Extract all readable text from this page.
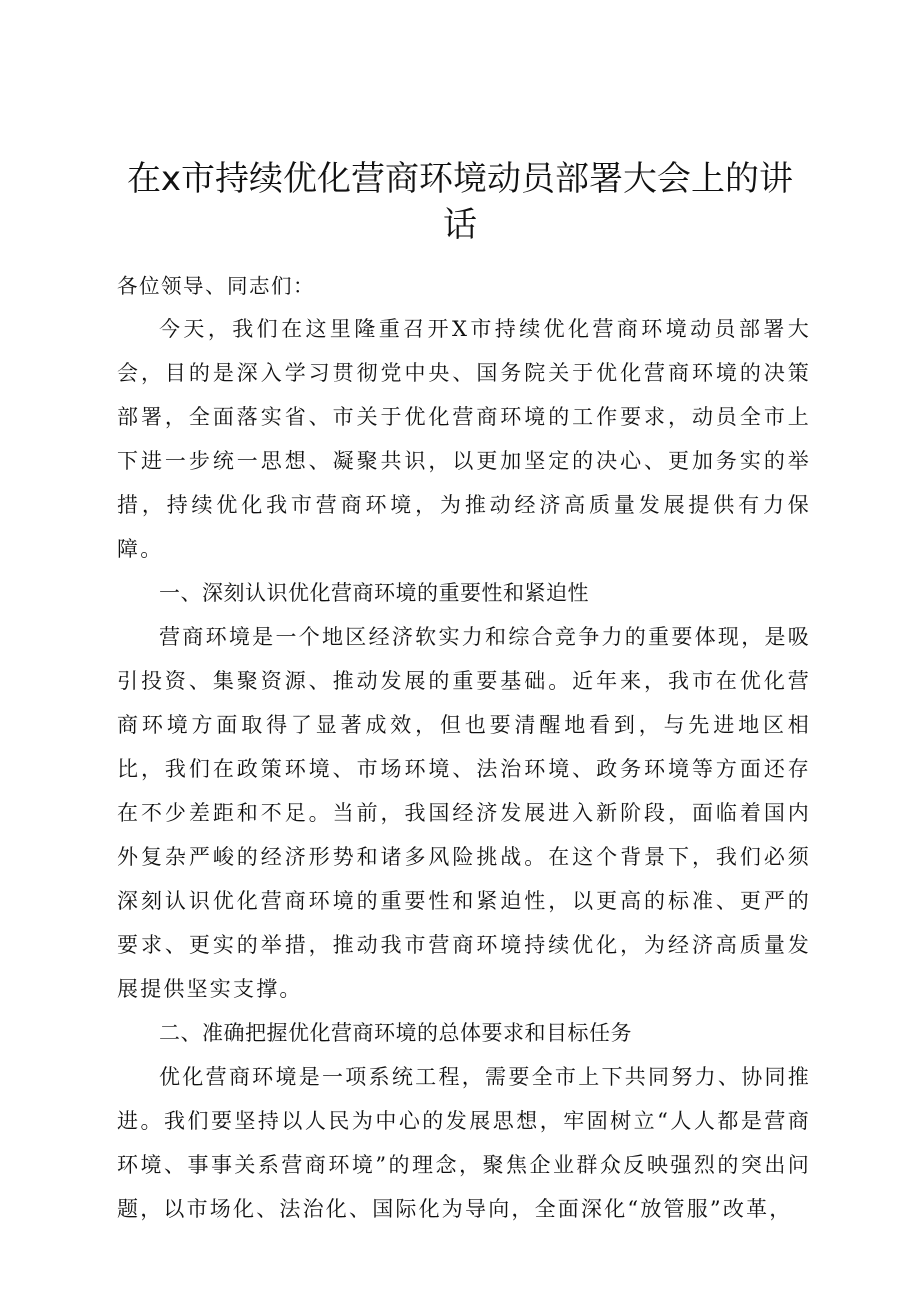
在x市持续优化营商环境动员部署大会上的讲话

各位领导、同志们：

今天，我们在这里隆重召开X市持续优化营商环境动员部署大会，目的是深入学习贯彻党中央、国务院关于优化营商环境的决策部署，全面落实省、市关于优化营商环境的工作要求，动员全市上下进一步统一思想、凝聚共识，以更加坚定的决心、更加务实的举措，持续优化我市营商环境，为推动经济高质量发展提供有力保障。

一、深刻认识优化营商环境的重要性和紧迫性

营商环境是一个地区经济软实力和综合竞争力的重要体现，是吸引投资、集聚资源、推动发展的重要基础。近年来，我市在优化营商环境方面取得了显著成效，但也要清醒地看到，与先进地区相比，我们在政策环境、市场环境、法治环境、政务环境等方面还存在不少差距和不足。当前，我国经济发展进入新阶段，面临着国内外复杂严峻的经济形势和诸多风险挑战。在这个背景下，我们必须深刻认识优化营商环境的重要性和紧迫性，以更高的标准、更严的要求、更实的举措，推动我市营商环境持续优化，为经济高质量发展提供坚实支撑。

二、准确把握优化营商环境的总体要求和目标任务

优化营商环境是一项系统工程，需要全市上下共同努力、协同推进。我们要坚持以人民为中心的发展思想，牢固树立“人人都是营商环境、事事关系营商环境”的理念，聚焦企业群众反映强烈的突出问题，以市场化、法治化、国际化为导向，全面深化“放管服”改革，
